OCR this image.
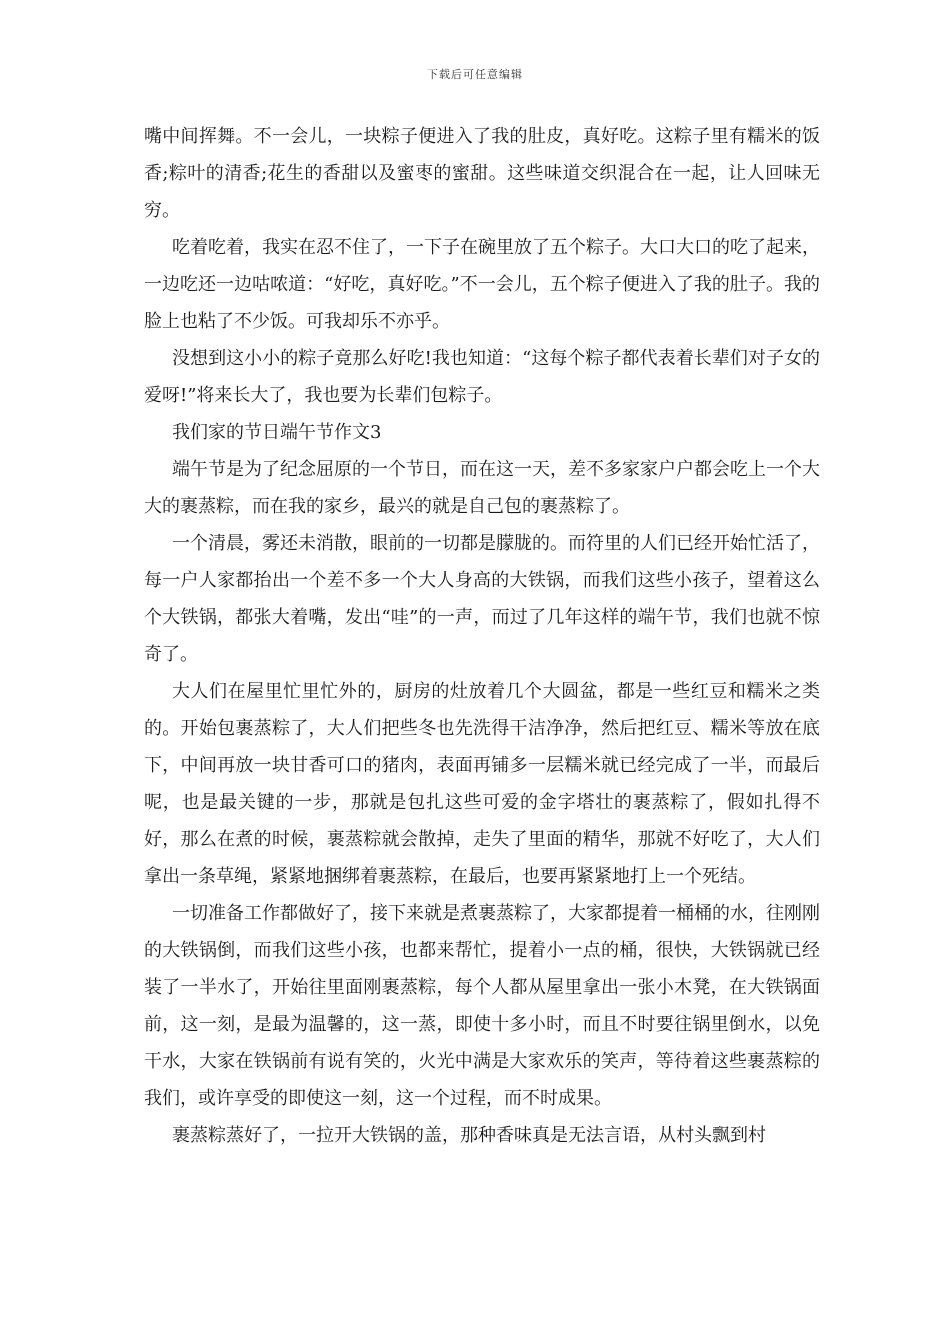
下载后可任意编辑

嘴中间挥舞。不一会儿，一块粽子便进入了我的肚皮，真好吃。这粽子里有糯米的饭香;粽叶的清香;花生的香甜以及蜜枣的蜜甜。这些味道交织混合在一起，让人回味无穷。

吃着吃着，我实在忍不住了，一下子在碗里放了五个粽子。大口大口的吃了起来，一边吃还一边咕哝道：“好吃，真好吃。”不一会儿，五个粽子便进入了我的肚子。我的脸上也粘了不少饭。可我却乐不亦乎。

没想到这小小的粽子竟那么好吃!我也知道：“这每个粽子都代表着长辈们对子女的爱呀!”将来长大了，我也要为长辈们包粽子。

我们家的节日端午节作文3

端午节是为了纪念屈原的一个节日，而在这一天，差不多家家户户都会吃上一个大大的裹蒸粽，而在我的家乡，最兴的就是自己包的裹蒸粽了。

一个清晨，雾还未消散，眼前的一切都是朦胧的。而符里的人们已经开始忙活了，每一户人家都抬出一个差不多一个大人身高的大铁锅，而我们这些小孩子，望着这么个大铁锅，都张大着嘴，发出“哇”的一声，而过了几年这样的端午节，我们也就不惊奇了。

大人们在屋里忙里忙外的，厨房的灶放着几个大圆盆，都是一些红豆和糯米之类的。开始包裹蒸粽了，大人们把些冬也先洗得干洁净净，然后把红豆、糯米等放在底下，中间再放一块甘香可口的猪肉，表面再铺多一层糯米就已经完成了一半，而最后呢，也是最关键的一步，那就是包扎这些可爱的金字塔壮的裹蒸粽了，假如扎得不好，那么在煮的时候，裹蒸粽就会散掉，走失了里面的精华，那就不好吃了，大人们拿出一条草绳，紧紧地捆绑着裹蒸粽，在最后，也要再紧紧地打上一个死结。

一切准备工作都做好了，接下来就是煮裹蒸粽了，大家都提着一桶桶的水，往刚刚的大铁锅倒，而我们这些小孩，也都来帮忙，提着小一点的桶，很快，大铁锅就已经装了一半水了，开始往里面刚裹蒸粽，每个人都从屋里拿出一张小木凳，在大铁锅面前，这一刻，是最为温馨的，这一蒸，即使十多小时，而且不时要往锅里倒水，以免干水，大家在铁锅前有说有笑的，火光中满是大家欢乐的笑声，等待着这些裹蒸粽的我们，或许享受的即使这一刻，这一个过程，而不时成果。

裹蒸粽蒸好了，一拉开大铁锅的盖，那种香味真是无法言语，从村头飘到村
